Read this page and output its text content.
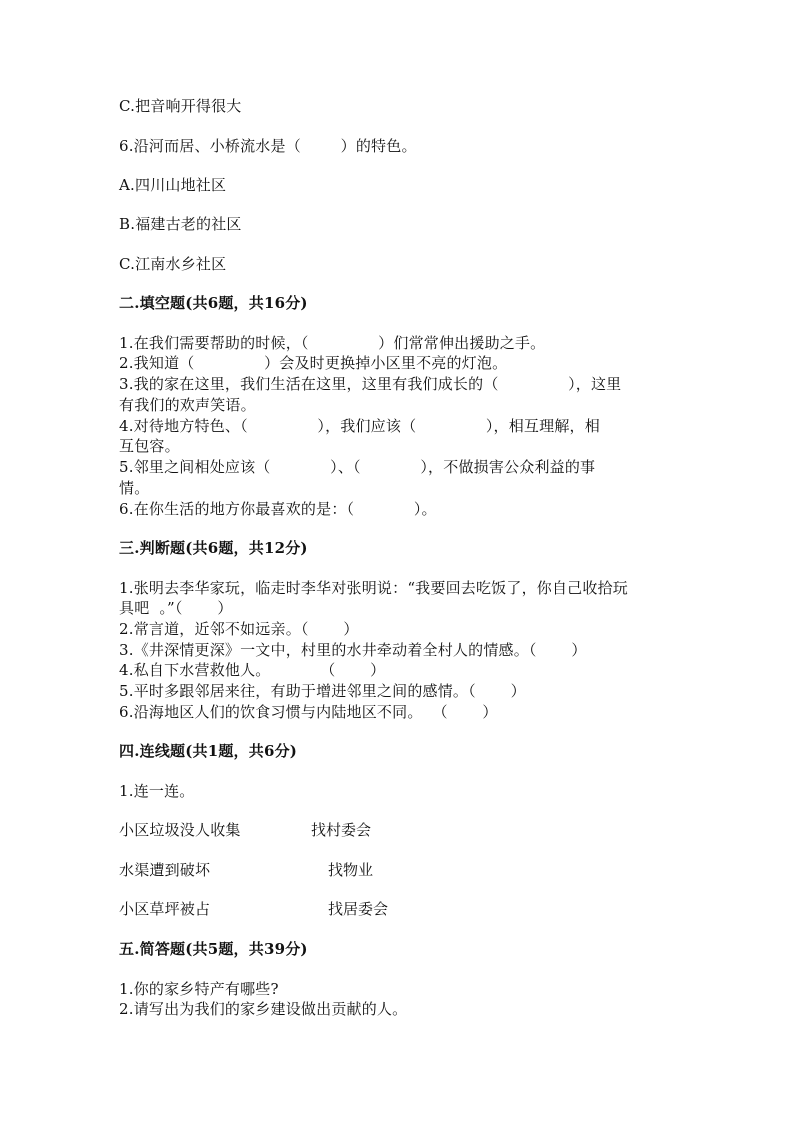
C.把音响开得很大
6.沿河而居、小桥流水是（        ）的特色。
A.四川山地社区
B.福建古老的社区
C.江南水乡社区
二.填空题(共6题，共16分)
1.在我们需要帮助的时候，（              ）们常常伸出援助之手。
2.我知道（              ）会及时更换掉小区里不亮的灯泡。
3.我的家在这里，我们生活在这里，这里有我们成长的（              ），这里
有我们的欢声笑语。
4.对待地方特色、（              ），我们应该（              ），相互理解，相
互包容。
5.邻里之间相处应该（            ）、（            ），不做损害公众利益的事
情。
6.在你生活的地方你最喜欢的是：（            ）。
三.判断题(共6题，共12分)
1.张明去李华家玩，临走时李华对张明说：“我要回去吃饭了，你自己收拾玩
具吧  。”（       ）
2.常言道，近邻不如远亲。（       ）
3.《井深情更深》一文中，村里的水井牵动着全村人的情感。（       ）
4.私自下水营救他人。          （       ）
5.平时多跟邻居来往，有助于增进邻里之间的感情。（       ）
6.沿海地区人们的饮食习惯与内陆地区不同。  （       ）
四.连线题(共1题，共6分)
1.连一连。
小区垃圾没人收集	找村委会
水渠遭到破坏	找物业
小区草坪被占	找居委会
五.简答题(共5题，共39分)
1.你的家乡特产有哪些?
2.请写出为我们的家乡建设做出贡献的人。
